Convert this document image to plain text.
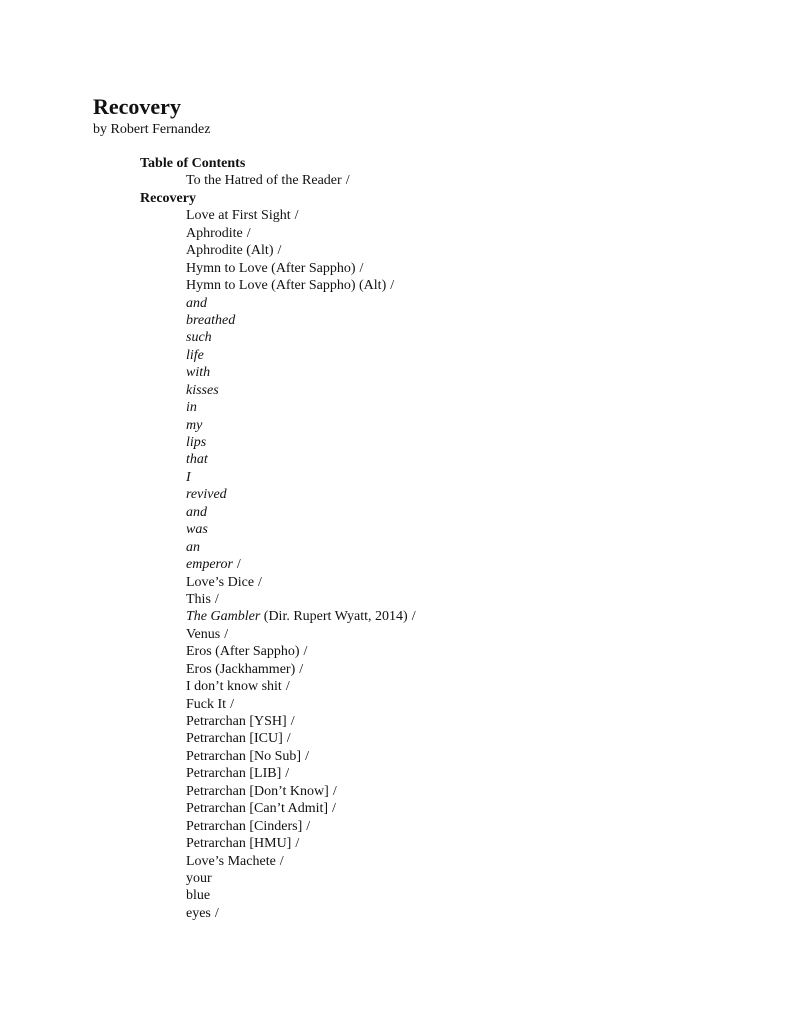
Recovery
by Robert Fernandez
Table of Contents
To the Hatred of the Reader /
Recovery
Love at First Sight /
Aphrodite /
Aphrodite (Alt) /
Hymn to Love (After Sappho) /
Hymn to Love (After Sappho) (Alt) /
and
breathed
such
life
with
kisses
in
my
lips
that
I
revived
and
was
an
emperor /
Love’s Dice /
This /
The Gambler (Dir. Rupert Wyatt, 2014) /
Venus /
Eros (After Sappho) /
Eros (Jackhammer) /
I don’t know shit /
Fuck It /
Petrarchan [YSH] /
Petrarchan [ICU] /
Petrarchan [No Sub] /
Petrarchan [LIB] /
Petrarchan [Don’t Know] /
Petrarchan [Can’t Admit] /
Petrarchan [Cinders] /
Petrarchan [HMU] /
Love’s Machete /
your
blue
eyes /
